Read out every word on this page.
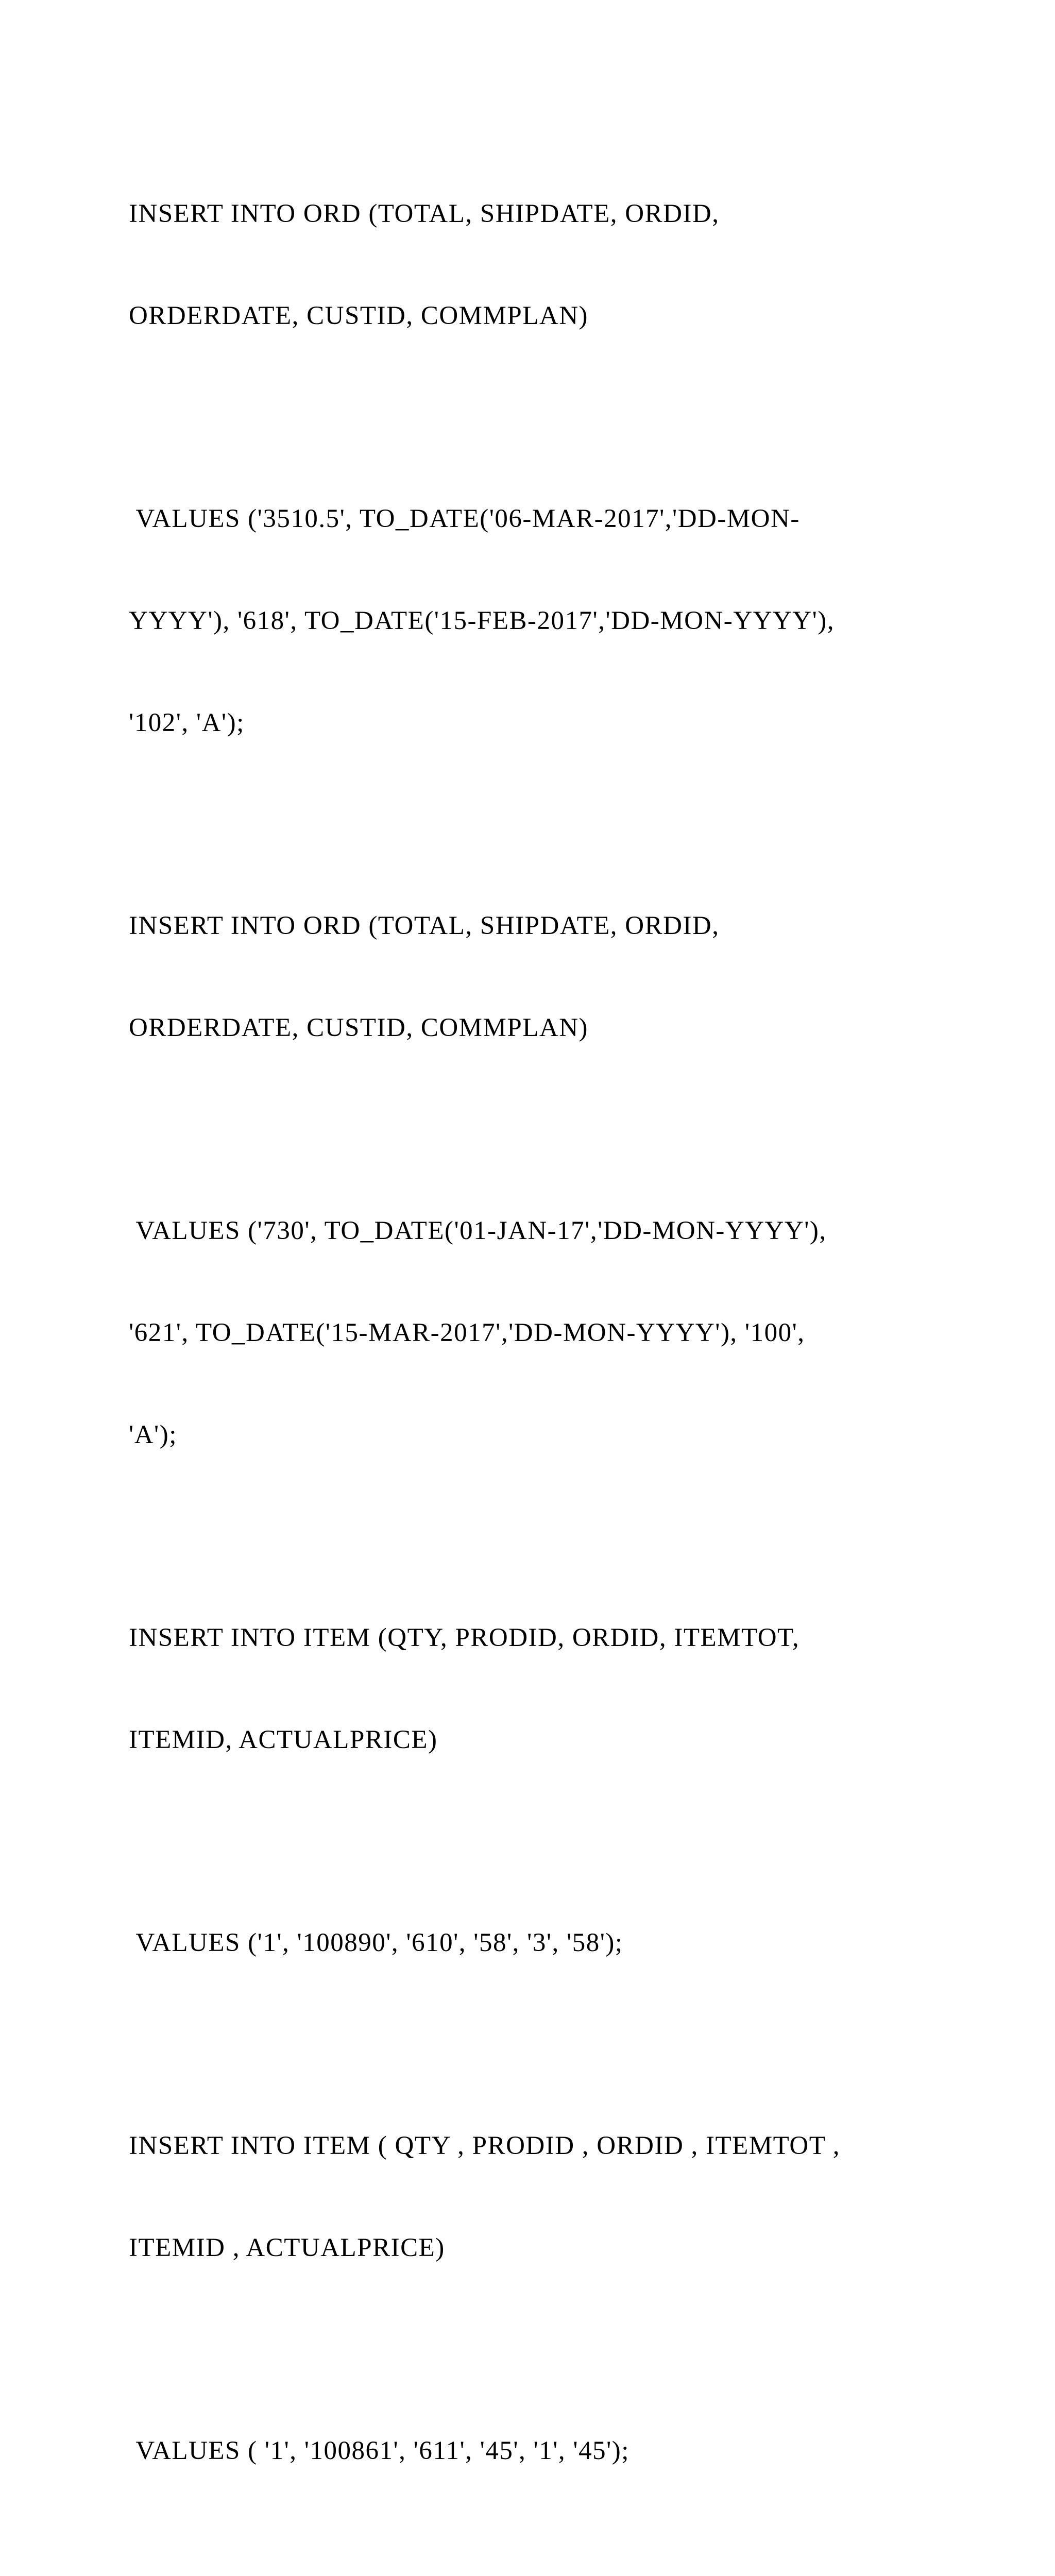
INSERT INTO ORD (TOTAL, SHIPDATE, ORDID,

ORDERDATE, CUSTID, COMMPLAN)

VALUES ('3510.5', TO_DATE('06-MAR-2017','DD-MON-

YYYY'), '618', TO_DATE('15-FEB-2017','DD-MON-YYYY'),

'102', 'A');

INSERT INTO ORD (TOTAL, SHIPDATE, ORDID,

ORDERDATE, CUSTID, COMMPLAN)

VALUES ('730', TO_DATE('01-JAN-17','DD-MON-YYYY'),

'621', TO_DATE('15-MAR-2017','DD-MON-YYYY'), '100',

'A');

INSERT INTO ITEM (QTY, PRODID, ORDID, ITEMTOT,

ITEMID, ACTUALPRICE)

VALUES ('1', '100890', '610', '58', '3', '58');

INSERT INTO ITEM ( QTY , PRODID , ORDID , ITEMTOT ,

ITEMID , ACTUALPRICE)

VALUES ( '1', '100861', '611', '45', '1', '45');
